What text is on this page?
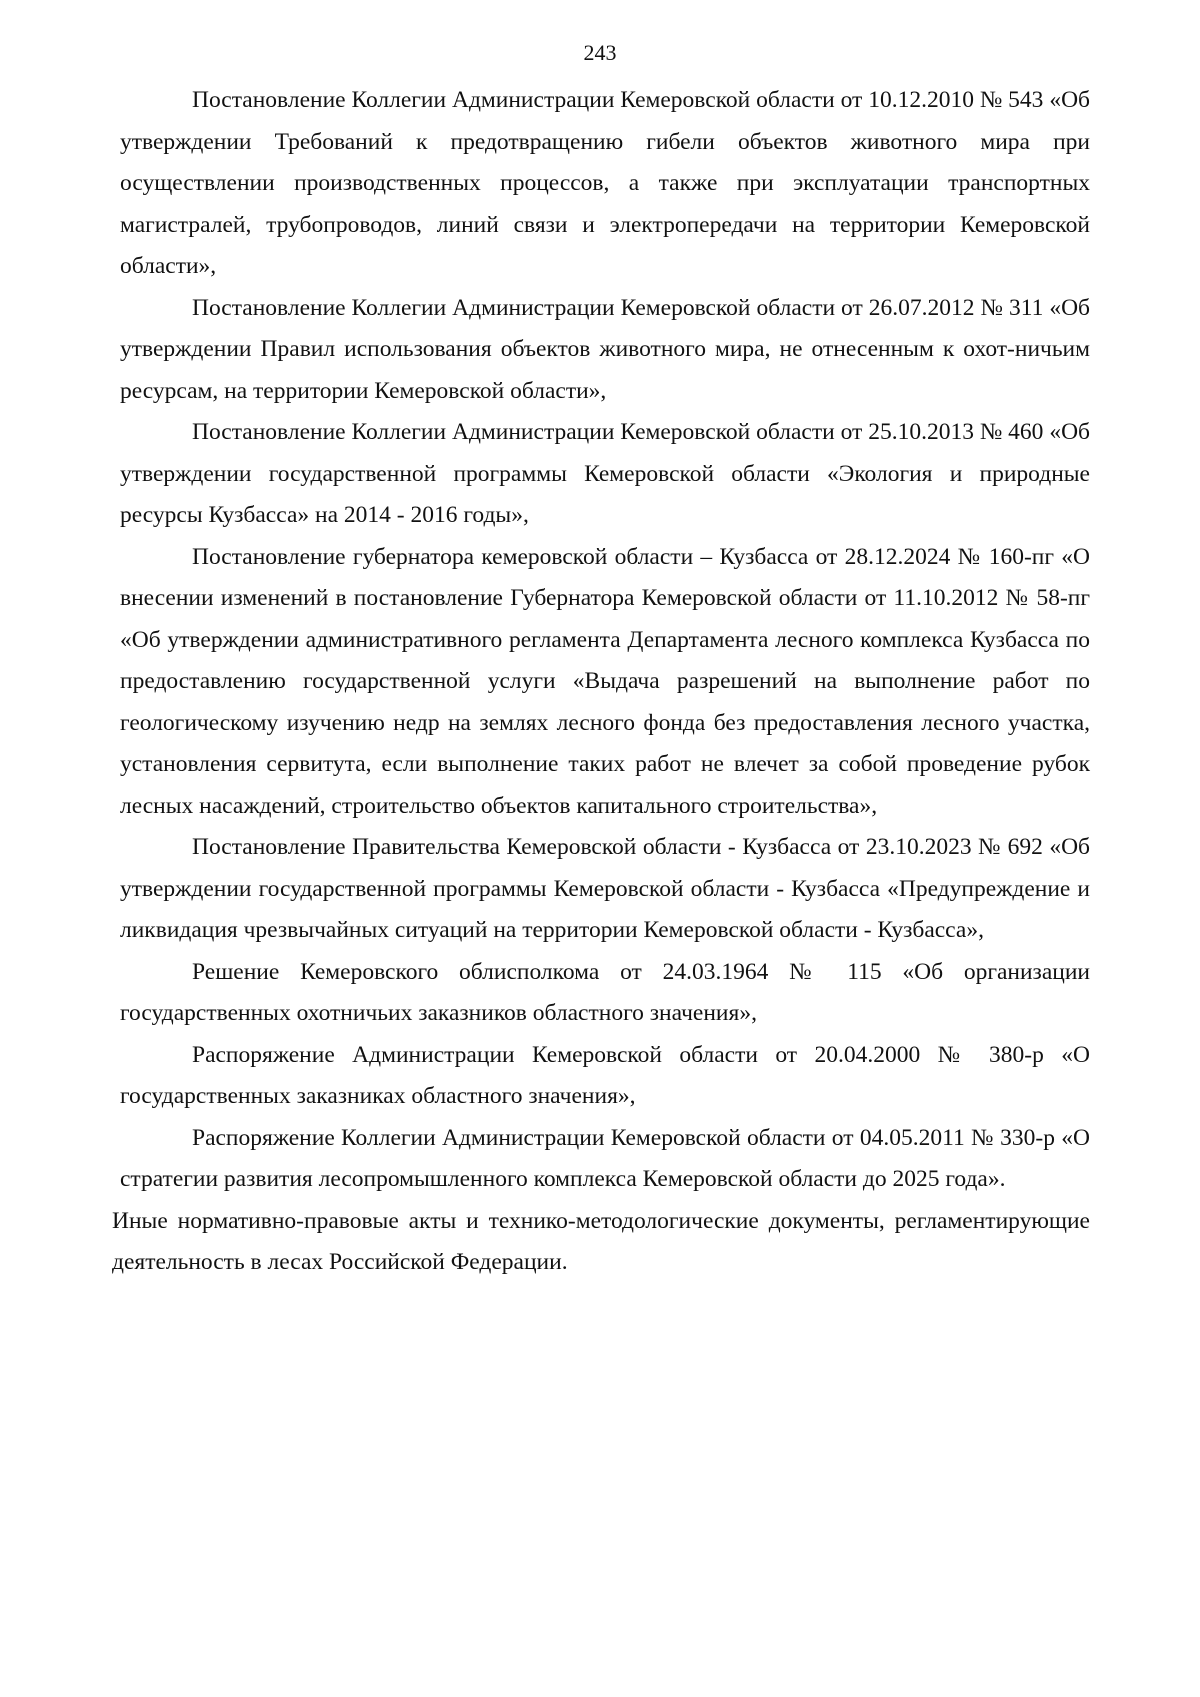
243

Постановление Коллегии Администрации Кемеровской области от 10.12.2010 № 543 «Об утверждении Требований к предотвращению гибели объектов животного мира при осуществлении производственных процессов, а также при эксплуатации транспортных магистралей, трубопроводов, линий связи и электропередачи на территории Кемеровской области»,

Постановление Коллегии Администрации Кемеровской области от 26.07.2012 № 311 «Об утверждении Правил использования объектов животного мира, не отнесенным к охот-ничьим ресурсам, на территории Кемеровской области»,

Постановление Коллегии Администрации Кемеровской области от 25.10.2013 № 460 «Об утверждении государственной программы Кемеровской области «Экология и природные ресурсы Кузбасса» на 2014 - 2016 годы»,

Постановление губернатора кемеровской области – Кузбасса от 28.12.2024 № 160-пг «О внесении изменений в постановление Губернатора Кемеровской области от 11.10.2012 № 58-пг «Об утверждении административного регламента Департамента лесного комплекса Кузбасса по предоставлению государственной услуги «Выдача разрешений на выполнение работ по геологическому изучению недр на землях лесного фонда без предоставления лесного участка, установления сервитута, если выполнение таких работ не влечет за собой проведение рубок лесных насаждений, строительство объектов капитального строительства»,

Постановление Правительства Кемеровской области - Кузбасса от 23.10.2023 № 692 «Об утверждении государственной программы Кемеровской области - Кузбасса «Предупреждение и ликвидация чрезвычайных ситуаций на территории Кемеровской области - Кузбасса»,

Решение Кемеровского облисполкома от 24.03.1964 № 115 «Об организации государственных охотничьих заказников областного значения»,

Распоряжение Администрации Кемеровской области от 20.04.2000 № 380-р «О государственных заказниках областного значения»,

Распоряжение Коллегии Администрации Кемеровской области от 04.05.2011 № 330-р «О стратегии развития лесопромышленного комплекса Кемеровской области до 2025 года».

Иные нормативно-правовые акты и технико-методологические документы, регламентирующие деятельность в лесах Российской Федерации.
